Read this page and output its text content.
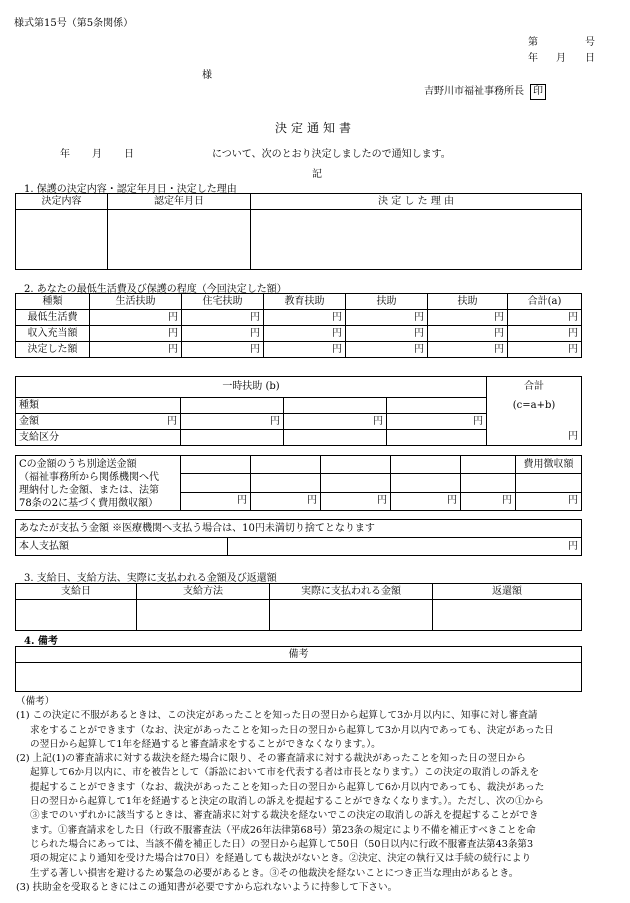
様式第15号（第5条関係）
第	号
年 月 日
様
吉野川市福祉事務所長 印
決定通知書
年 月 日	について、次のとおり決定しましたので通知します。
記
1. 保護の決定内容・認定年月日・決定した理由
決定内容	認定年月日	決 定 し た 理 由

2. あなたの最低生活費及び保護の程度（今回決定した額）
種類	生活扶助	住宅扶助	教育扶助	扶助	扶助	合計(a)
最低生活費	円	円	円	円	円	円
収入充当額	円	円	円	円	円	円
決定した額	円	円	円	円	円	円
一時扶助 (b)				合計
種類				(c=a+b)
金額 円	円	円	円	
支給区分				円
Cの金額のうち別途送金額
（福祉事務所から関係機関へ代
理納付した金額、または、法第
78条の2に基づく費用徴収額）						費用徴収額

	円	円	円	円	円	円
あなたが支払う金額 ※医療機関へ支払う場合は、10円未満切り捨てとなります
本人支払額	円
3. 支給日、支給方法、実際に支払われる金額及び返還額
支給日	支給方法	実際に支払われる金額	返還額

4. 備考
備考

（備考）

(1) この決定に不服があるときは、この決定があったことを知った日の翌日から起算して3か月以内に、知事に対し審査請

求をすることができます（なお、決定があったことを知った日の翌日から起算して3か月以内であっても、決定があった日

の翌日から起算して1年を経過すると審査請求をすることができなくなります。）。

(2) 上記(1)の審査請求に対する裁決を経た場合に限り、その審査請求に対する裁決があったことを知った日の翌日から

起算して6か月以内に、市を被告として（訴訟において市を代表する者は市長となります。）この決定の取消しの訴えを

提起することができます（なお、裁決があったことを知った日の翌日から起算して6か月以内であっても、裁決があった

日の翌日から起算して1年を経過すると決定の取消しの訴えを提起することができなくなります。）。ただし、次の①から

③までのいずれかに該当するときは、審査請求に対する裁決を経ないでこの決定の取消しの訴えを提起することができ

ます。①審査請求をした日（行政不服審査法（平成26年法律第68号）第23条の規定により不備を補正すべきことを命

じられた場合にあっては、当該不備を補正した日）の翌日から起算して50日（50日以内に行政不服審査法第43条第3

項の規定により通知を受けた場合は70日）を経過しても裁決がないとき。②決定、決定の執行又は手続の続行により

生ずる著しい損害を避けるため緊急の必要があるとき。③その他裁決を経ないことにつき正当な理由があるとき。

(3) 扶助金を受取るときにはこの通知書が必要ですから忘れないように持参して下さい。
